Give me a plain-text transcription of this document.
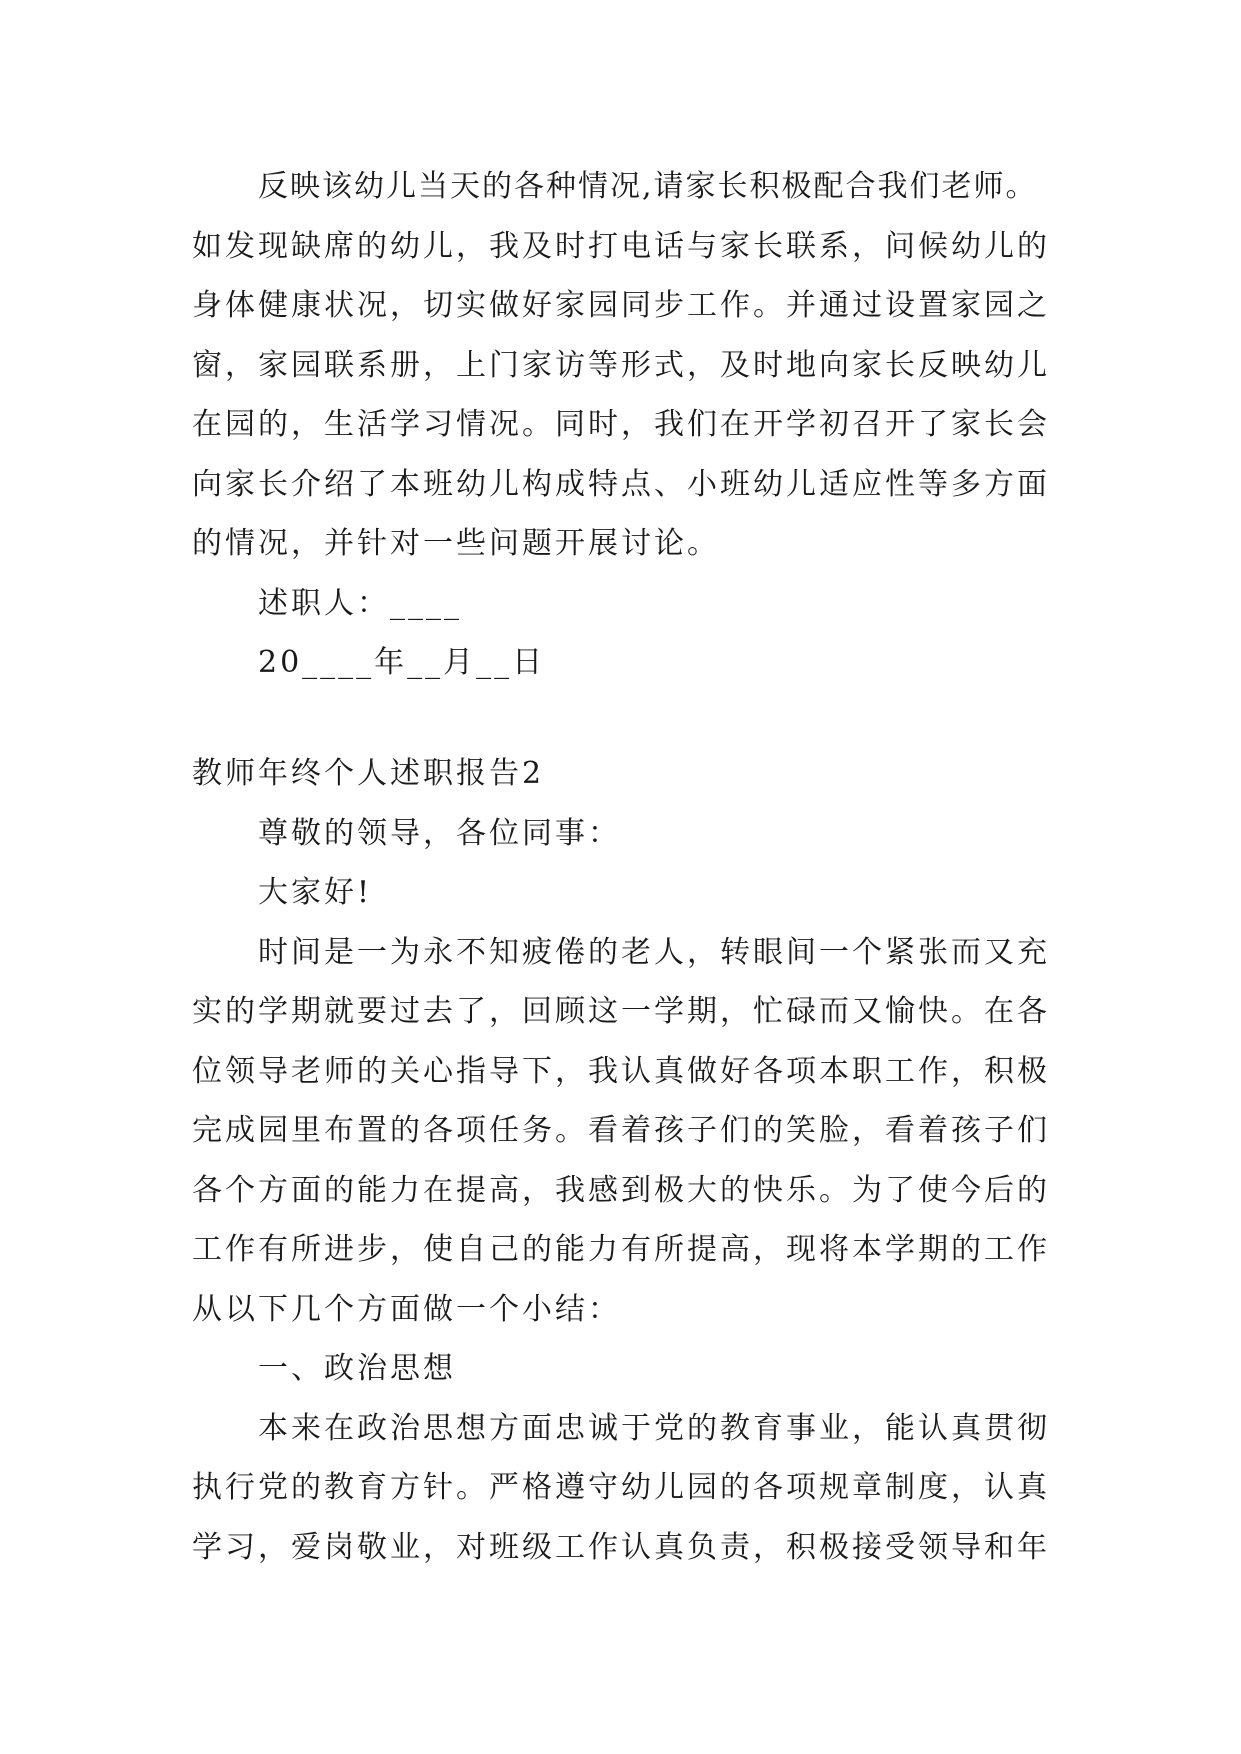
反映该幼儿当天的各种情况,请家长积极配合我们老师。
如发现缺席的幼儿，我及时打电话与家长联系，问候幼儿的
身体健康状况，切实做好家园同步工作。并通过设置家园之
窗，家园联系册，上门家访等形式，及时地向家长反映幼儿
在园的，生活学习情况。同时，我们在开学初召开了家长会
向家长介绍了本班幼儿构成特点、小班幼儿适应性等多方面
的情况，并针对一些问题开展讨论。
述职人：____
20____年__月__日
教师年终个人述职报告2
尊敬的领导，各位同事：
大家好!
时间是一为永不知疲倦的老人，转眼间一个紧张而又充
实的学期就要过去了，回顾这一学期，忙碌而又愉快。在各
位领导老师的关心指导下，我认真做好各项本职工作，积极
完成园里布置的各项任务。看着孩子们的笑脸，看着孩子们
各个方面的能力在提高，我感到极大的快乐。为了使今后的
工作有所进步，使自己的能力有所提高，现将本学期的工作
从以下几个方面做一个小结：
一、政治思想
本来在政治思想方面忠诚于党的教育事业，能认真贯彻
执行党的教育方针。严格遵守幼儿园的各项规章制度，认真
学习，爱岗敬业，对班级工作认真负责，积极接受领导和年
